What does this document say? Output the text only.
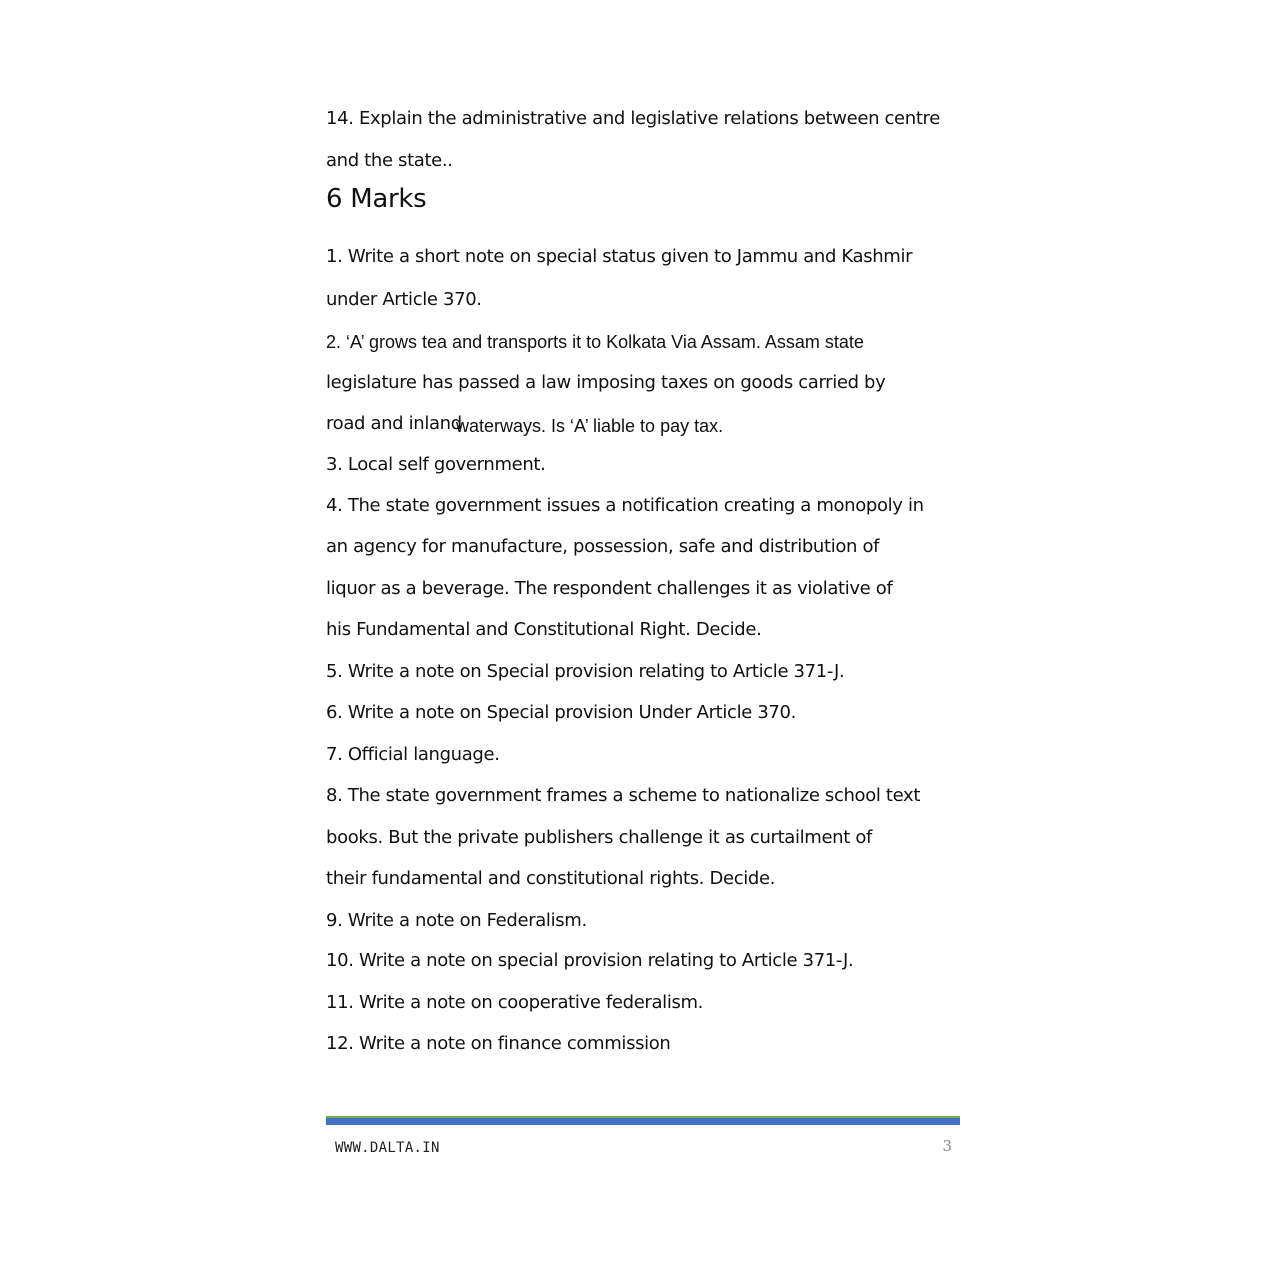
14. Explain the administrative and legislative relations between centre
and the state..
6 Marks
1. Write a short note on special status given to Jammu and Kashmir
under Article 370.
2. ‘A’ grows tea and transports it to Kolkata Via Assam. Assam state
legislature has passed a law imposing taxes on goods carried by
road and inland
waterways. Is ‘A’ liable to pay tax.
3. Local self government.
4. The state government issues a notification creating a monopoly in
an agency for manufacture, possession, safe and distribution of
liquor as a beverage. The respondent challenges it as violative of
his Fundamental and Constitutional Right. Decide.
5. Write a note on Special provision relating to Article 371-J.
6. Write a note on Special provision Under Article 370.
7. Official language.
8. The state government frames a scheme to nationalize school text
books. But the private publishers challenge it as curtailment of
their fundamental and constitutional rights. Decide.
9. Write a note on Federalism.
10. Write a note on special provision relating to Article 371-J.
11. Write a note on cooperative federalism.
12. Write a note on finance commission
WWW.DALTA.IN	3
